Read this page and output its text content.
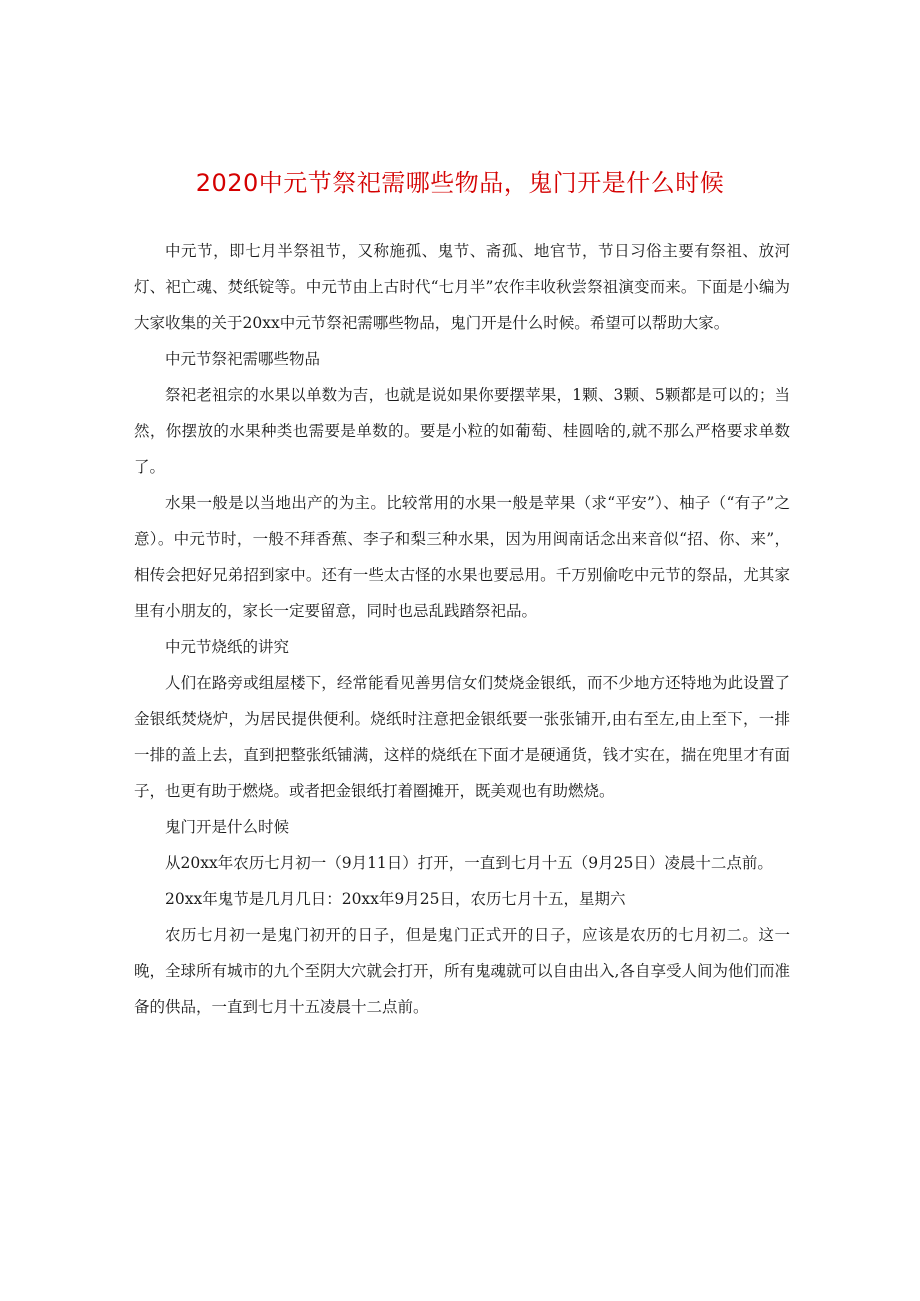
2020中元节祭祀需哪些物品，鬼门开是什么时候

中元节，即七月半祭祖节，又称施孤、鬼节、斋孤、地官节，节日习俗主要有祭祖、放河灯、祀亡魂、焚纸锭等。中元节由上古时代“七月半”农作丰收秋尝祭祖演变而来。下面是小编为大家收集的关于20xx中元节祭祀需哪些物品，鬼门开是什么时候。希望可以帮助大家。

中元节祭祀需哪些物品

祭祀老祖宗的水果以单数为吉，也就是说如果你要摆苹果，1颗、3颗、5颗都是可以的；当然，你摆放的水果种类也需要是单数的。要是小粒的如葡萄、桂圆啥的,就不那么严格要求单数了。

水果一般是以当地出产的为主。比较常用的水果一般是苹果（求“平安”）、柚子（“有子”之意）。中元节时，一般不拜香蕉、李子和梨三种水果，因为用闽南话念出来音似“招、你、来”，相传会把好兄弟招到家中。还有一些太古怪的水果也要忌用。千万别偷吃中元节的祭品，尤其家里有小朋友的，家长一定要留意，同时也忌乱践踏祭祀品。

中元节烧纸的讲究

人们在路旁或组屋楼下，经常能看见善男信女们焚烧金银纸，而不少地方还特地为此设置了金银纸焚烧炉，为居民提供便利。烧纸时注意把金银纸要一张张铺开,由右至左,由上至下，一排一排的盖上去，直到把整张纸铺满，这样的烧纸在下面才是硬通货，钱才实在，揣在兜里才有面子，也更有助于燃烧。或者把金银纸打着圈摊开，既美观也有助燃烧。

鬼门开是什么时候

从20xx年农历七月初一（9月11日）打开，一直到七月十五（9月25日）凌晨十二点前。

20xx年鬼节是几月几日：20xx年9月25日，农历七月十五，星期六

农历七月初一是鬼门初开的日子，但是鬼门正式开的日子，应该是农历的七月初二。这一晚，全球所有城市的九个至阴大穴就会打开，所有鬼魂就可以自由出入,各自享受人间为他们而准备的供品，一直到七月十五凌晨十二点前。
